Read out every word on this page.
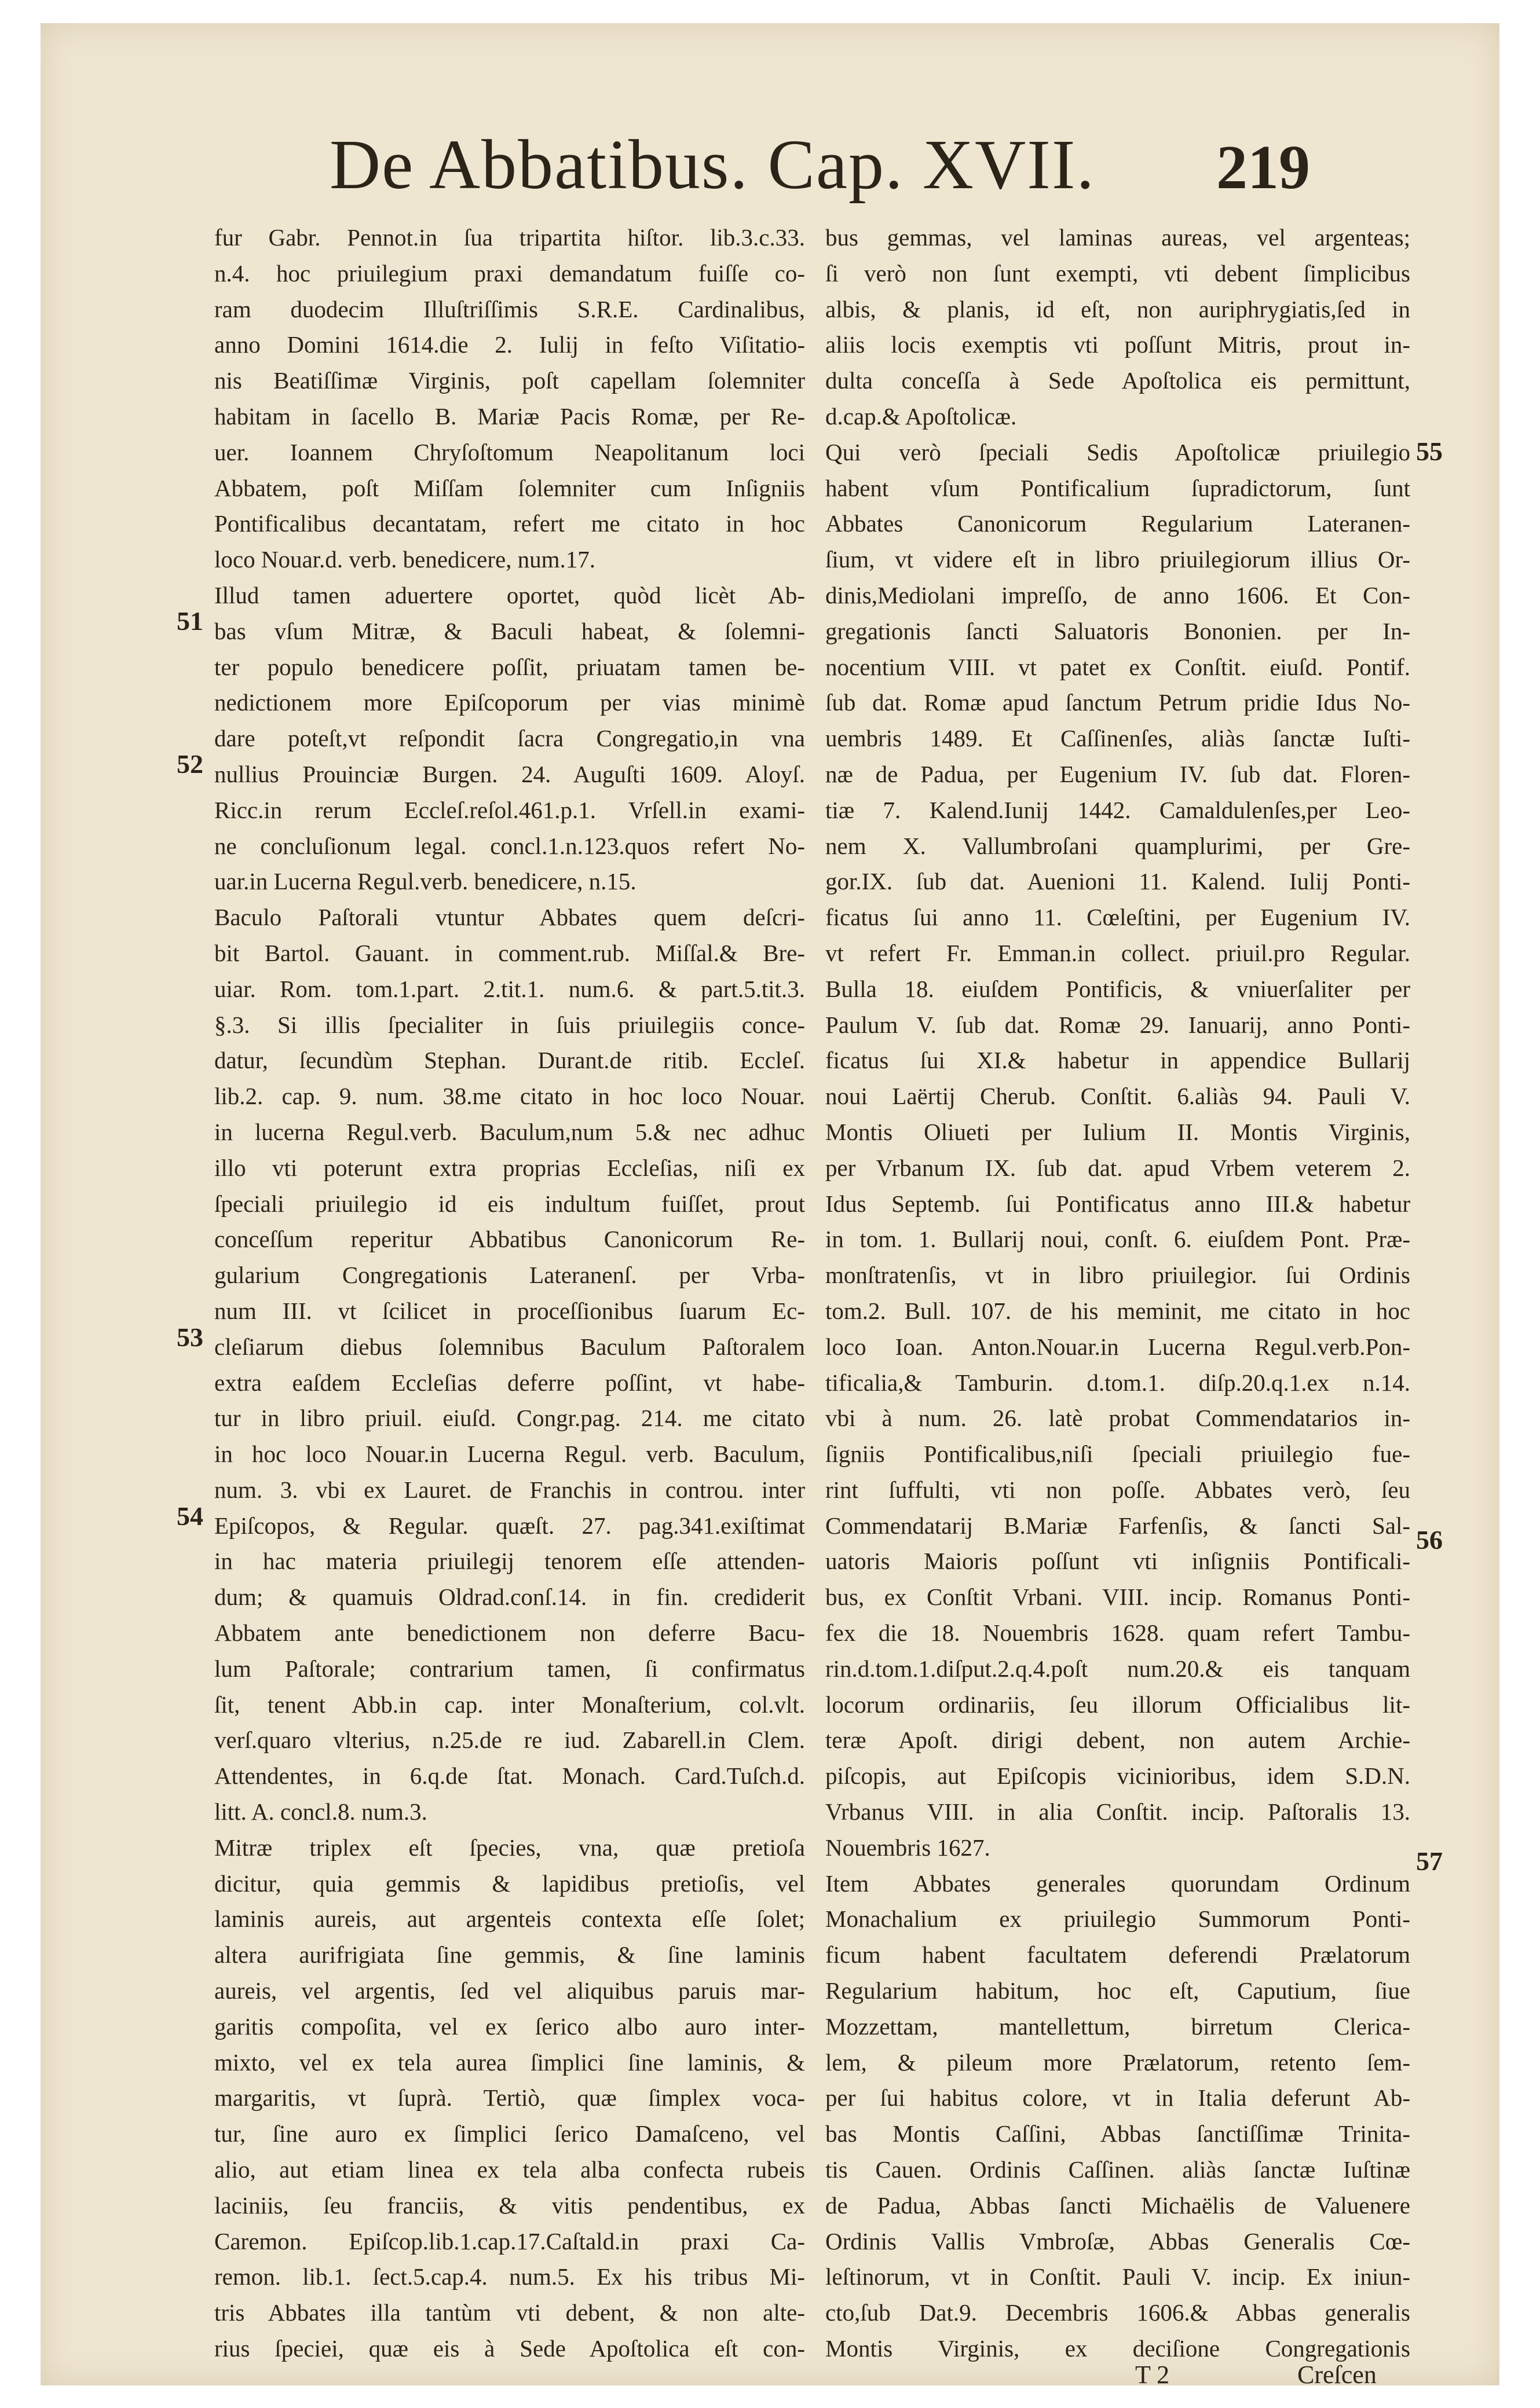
De Abbatibus. Cap. XVII. 219
fur Gabr. Pennot.in ſua tripartita hiſtor. lib.3.c.33.
n.4. hoc priuilegium praxi demandatum fuiſſe co-
ram duodecim Illuſtriſſimis S.R.E. Cardinalibus,
anno Domini 1614.die 2. Iulij in feſto Viſitatio-
nis Beatiſſimæ Virginis, poſt capellam ſolemniter
habitam in ſacello B. Mariæ Pacis Romæ, per Re-
uer. Ioannem Chryſoſtomum Neapolitanum loci
Abbatem, poſt Miſſam ſolemniter cum Inſigniis
Pontificalibus decantatam, refert me citato in hoc
loco Nouar.d. verb. benedicere, num.17.
Illud tamen aduertere oportet, quòd licèt Ab-
bas vſum Mitræ, & Baculi habeat, & ſolemni-
ter populo benedicere poſſit, priuatam tamen be-
nedictionem more Epiſcoporum per vias minimè
dare poteſt,vt reſpondit ſacra Congregatio,in vna
nullius Prouinciæ Burgen. 24. Auguſti 1609. Aloyſ.
Ricc.in rerum Eccleſ.reſol.461.p.1. Vrſell.in exami-
ne concluſionum legal. concl.1.n.123.quos refert No-
uar.in Lucerna Regul.verb. benedicere, n.15.
Baculo Paſtorali vtuntur Abbates quem deſcri-
bit Bartol. Gauant. in comment.rub. Miſſal.& Bre-
uiar. Rom. tom.1.part. 2.tit.1. num.6. & part.5.tit.3.
§.3. Si illis ſpecialiter in ſuis priuilegiis conce-
datur, ſecundùm Stephan. Durant.de ritib. Eccleſ.
lib.2. cap. 9. num. 38.me citato in hoc loco Nouar.
in lucerna Regul.verb. Baculum,num 5.& nec adhuc
illo vti poterunt extra proprias Eccleſias, niſi ex
ſpeciali priuilegio id eis indultum fuiſſet, prout
conceſſum reperitur Abbatibus Canonicorum Re-
gularium Congregationis Lateranenſ. per Vrba-
num III. vt ſcilicet in proceſſionibus ſuarum Ec-
cleſiarum diebus ſolemnibus Baculum Paſtoralem
extra eaſdem Eccleſias deferre poſſint, vt habe-
tur in libro priuil. eiuſd. Congr.pag. 214. me citato
in hoc loco Nouar.in Lucerna Regul. verb. Baculum,
num. 3. vbi ex Lauret. de Franchis in controu. inter
Epiſcopos, & Regular. quæſt. 27. pag.341.exiſtimat
in hac materia priuilegij tenorem eſſe attenden-
dum; & quamuis Oldrad.conſ.14. in fin. crediderit
Abbatem ante benedictionem non deferre Bacu-
lum Paſtorale; contrarium tamen, ſi confirmatus
ſit, tenent Abb.in cap. inter Monaſterium, col.vlt.
verſ.quaro vlterius, n.25.de re iud. Zabarell.in Clem.
Attendentes, in 6.q.de ſtat. Monach. Card.Tuſch.d.
litt. A. concl.8. num.3.
Mitræ triplex eſt ſpecies, vna, quæ pretioſa
dicitur, quia gemmis & lapidibus pretioſis, vel
laminis aureis, aut argenteis contexta eſſe ſolet;
altera aurifrigiata ſine gemmis, & ſine laminis
aureis, vel argentis, ſed vel aliquibus paruis mar-
garitis compoſita, vel ex ſerico albo auro inter-
mixto, vel ex tela aurea ſimplici ſine laminis, &
margaritis, vt ſuprà. Tertiò, quæ ſimplex voca-
tur, ſine auro ex ſimplici ſerico Damaſceno, vel
alio, aut etiam linea ex tela alba confecta rubeis
laciniis, ſeu franciis, & vitis pendentibus, ex
Caremon. Epiſcop.lib.1.cap.17.Caſtald.in praxi Ca-
remon. lib.1. ſect.5.cap.4. num.5. Ex his tribus Mi-
tris Abbates illa tantùm vti debent, & non alte-
rius ſpeciei, quæ eis à Sede Apoſtolica eſt con-
bus gemmas, vel laminas aureas, vel argenteas;
ſi verò non ſunt exempti, vti debent ſimplicibus
albis, & planis, id eſt, non auriphrygiatis,ſed in
aliis locis exemptis vti poſſunt Mitris, prout in-
dulta conceſſa à Sede Apoſtolica eis permittunt,
d.cap.& Apoſtolicæ.
Qui verò ſpeciali Sedis Apoſtolicæ priuilegio
habent vſum Pontificalium ſupradictorum, ſunt
Abbates Canonicorum Regularium Lateranen-
ſium, vt videre eſt in libro priuilegiorum illius Or-
dinis,Mediolani impreſſo, de anno 1606. Et Con-
gregationis ſancti Saluatoris Bononien. per In-
nocentium VIII. vt patet ex Conſtit. eiuſd. Pontif.
ſub dat. Romæ apud ſanctum Petrum pridie Idus No-
uembris 1489. Et Caſſinenſes, aliàs ſanctæ Iuſti-
næ de Padua, per Eugenium IV. ſub dat. Floren-
tiæ 7. Kalend.Iunij 1442. Camaldulenſes,per Leo-
nem X. Vallumbroſani quamplurimi, per Gre-
gor.IX. ſub dat. Auenioni 11. Kalend. Iulij Ponti-
ficatus ſui anno 11. Cœleſtini, per Eugenium IV.
vt refert Fr. Emman.in collect. priuil.pro Regular.
Bulla 18. eiuſdem Pontificis, & vniuerſaliter per
Paulum V. ſub dat. Romæ 29. Ianuarij, anno Ponti-
ficatus ſui XI.& habetur in appendice Bullarij
noui Laërtij Cherub. Conſtit. 6.aliàs 94. Pauli V.
Montis Oliueti per Iulium II. Montis Virginis,
per Vrbanum IX. ſub dat. apud Vrbem veterem 2.
Idus Septemb. ſui Pontificatus anno III.& habetur
in tom. 1. Bullarij noui, conſt. 6. eiuſdem Pont. Præ-
monſtratenſis, vt in libro priuilegior. ſui Ordinis
tom.2. Bull. 107. de his meminit, me citato in hoc
loco Ioan. Anton.Nouar.in Lucerna Regul.verb.Pon-
tificalia,& Tamburin. d.tom.1. diſp.20.q.1.ex n.14.
vbi à num. 26. latè probat Commendatarios in-
ſigniis Pontificalibus,niſi ſpeciali priuilegio fue-
rint ſuffulti, vti non poſſe. Abbates verò, ſeu
Commendatarij B.Mariæ Farfenſis, & ſancti Sal-
uatoris Maioris poſſunt vti inſigniis Pontificali-
bus, ex Conſtit Vrbani. VIII. incip. Romanus Ponti-
fex die 18. Nouembris 1628. quam refert Tambu-
rin.d.tom.1.diſput.2.q.4.poſt num.20.& eis tanquam
locorum ordinariis, ſeu illorum Officialibus lit-
teræ Apoſt. dirigi debent, non autem Archie-
piſcopis, aut Epiſcopis vicinioribus, idem S.D.N.
Vrbanus VIII. in alia Conſtit. incip. Paſtoralis 13.
Nouembris 1627.
Item Abbates generales quorundam Ordinum
Monachalium ex priuilegio Summorum Ponti-
ficum habent facultatem deferendi Prælatorum
Regularium habitum, hoc eſt, Caputium, ſiue
Mozzettam, mantellettum, birretum Clerica-
lem, & pileum more Prælatorum, retento ſem-
per ſui habitus colore, vt in Italia deferunt Ab-
bas Montis Caſſini, Abbas ſanctiſſimæ Trinita-
tis Cauen. Ordinis Caſſinen. aliàs ſanctæ Iuſtinæ
de Padua, Abbas ſancti Michaëlis de Valuenere
Ordinis Vallis Vmbroſæ, Abbas Generalis Cœ-
leſtinorum, vt in Conſtit. Pauli V. incip. Ex iniun-
cto,ſub Dat.9. Decembris 1606.& Abbas generalis
Montis Virginis, ex deciſione Congregationis
51
52
53
54
55
56
57
T 2	Creſcen
